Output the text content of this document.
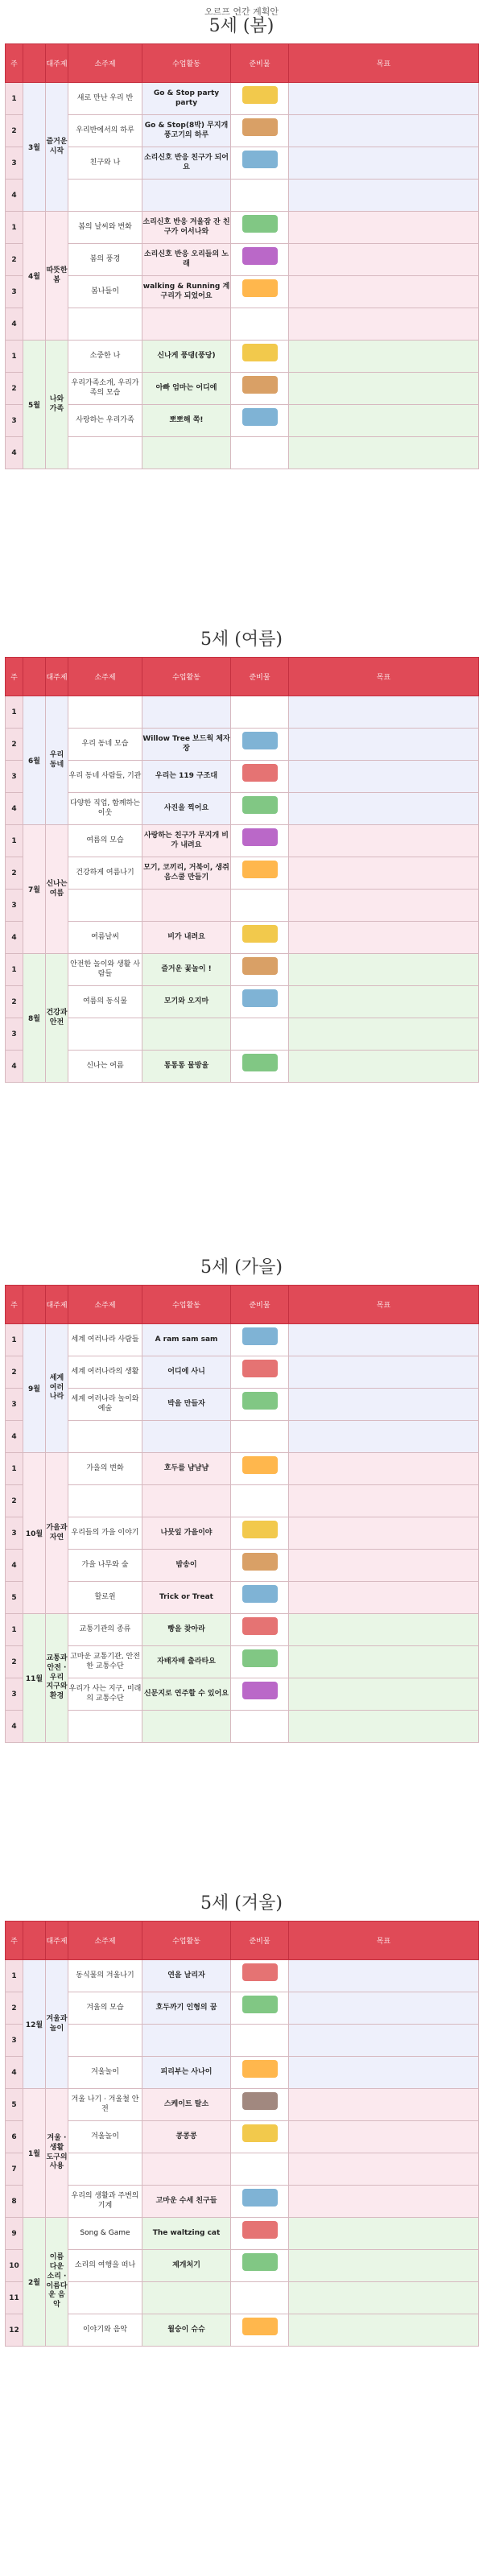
오르프 연간 계획안
5세 (봄)
주		대주제	소주제	수업활동	준비물	목표
1	3월	즐거운 시작	새로 만난 우리 반	Go & Stop party party	

2			우리반에서의 하루	Go & Stop(8박) 무지개 풍고기의 하루	

3			친구와 나	소리신호 반응 친구가 되어요	

4						
1	4월	따뜻한 봄	봄의 날씨와 변화	소리신호 반응 겨울잠 잔 친구가 어서나와	

2			봄의 풍경	소리신호 반응 오리들의 노래	

3			봄나들이	walking & Running 계구리가 되었어요	

4						
1	5월	나와 가족	소중한 나	신나게 풍댕(풍당)	

2			우리가족소개, 우리가족의 모습	아빠 엄마는 어디에	

3			사랑하는 우리가족	뽀뽀해 쪽!	

4						
5세 (여름)
주		대주제	소주제	수업활동	준비물	목표
1	6월	우리 동네				
2			우리 동네 모습	Willow Tree 보드웍 체자장	

3			우리 동네 사람들, 기관	우리는 119 구조대	

4			다양한 직업, 함께하는 이웃	사진을 찍어요	

1	7월	신나는 여름	여름의 모습	사랑하는 친구가 무지개 비가 내려요	

2			건강하게 여름나기	모기, 코끼리, 거북이, 생쥐 음스쿨 만들기	

3						
4			여름날씨	비가 내려요	

1	8월	건강과 안전	안전한 놀이와 생활 사람들	즐거운 꽃놀이 !	

2			여름의 동식물	모기와 오지마	

3						
4			신나는 여름	통통통 물방울	

5세 (가을)
주		대주제	소주제	수업활동	준비물	목표
1	9월	세계 여러 나라	세계 여러나라 사람들	A ram sam sam	

2			세계 여러나라의 생활	어디에 사니	

3			세계 여러나라 놀이와 예술	박을 만들자	

4						
1	10월	가을과 자연	가을의 변화	호두를 냠냠냠	

2						
3			우리들의 가을 이야기	나뭇잎 가을이야	

4			가을 나무와 숲	밤송이	

5			할로윈	Trick or Treat	

1	11월	교통과 안전 · 우리 지구와 환경	교통기관의 종류	빵을 찾아라	

2			고마운 교통기관, 안전한 교통수단	자배자배 출라타요	

3			우리가 사는 지구, 미래의 교통수단	신문지로 연주할 수 있어요	

4						
5세 (겨울)
주		대주제	소주제	수업활동	준비물	목표
1	12월	겨울과 놀이	동식물의 겨울나기	연을 날리자	

2			겨울의 모습	호두까기 인형의 꿈	

3						
4			겨울놀이	피리부는 사나이	

5	1월	겨울 · 생활 도구의 사용	겨울 나기 · 겨울철 안전	스케이트 탈소	

6			겨울놀이	콩콩콩	

7						
8			우리의 생활과 주변의 기계	고마운 수세 친구들	

9	2월	이름 다운 소리 · 이름다운 음악	Song & Game	The waltzing cat	

10			소리의 여행을 떠나	제개처기	

11						
12			이야기와 음악	월숭이 슈슈	
